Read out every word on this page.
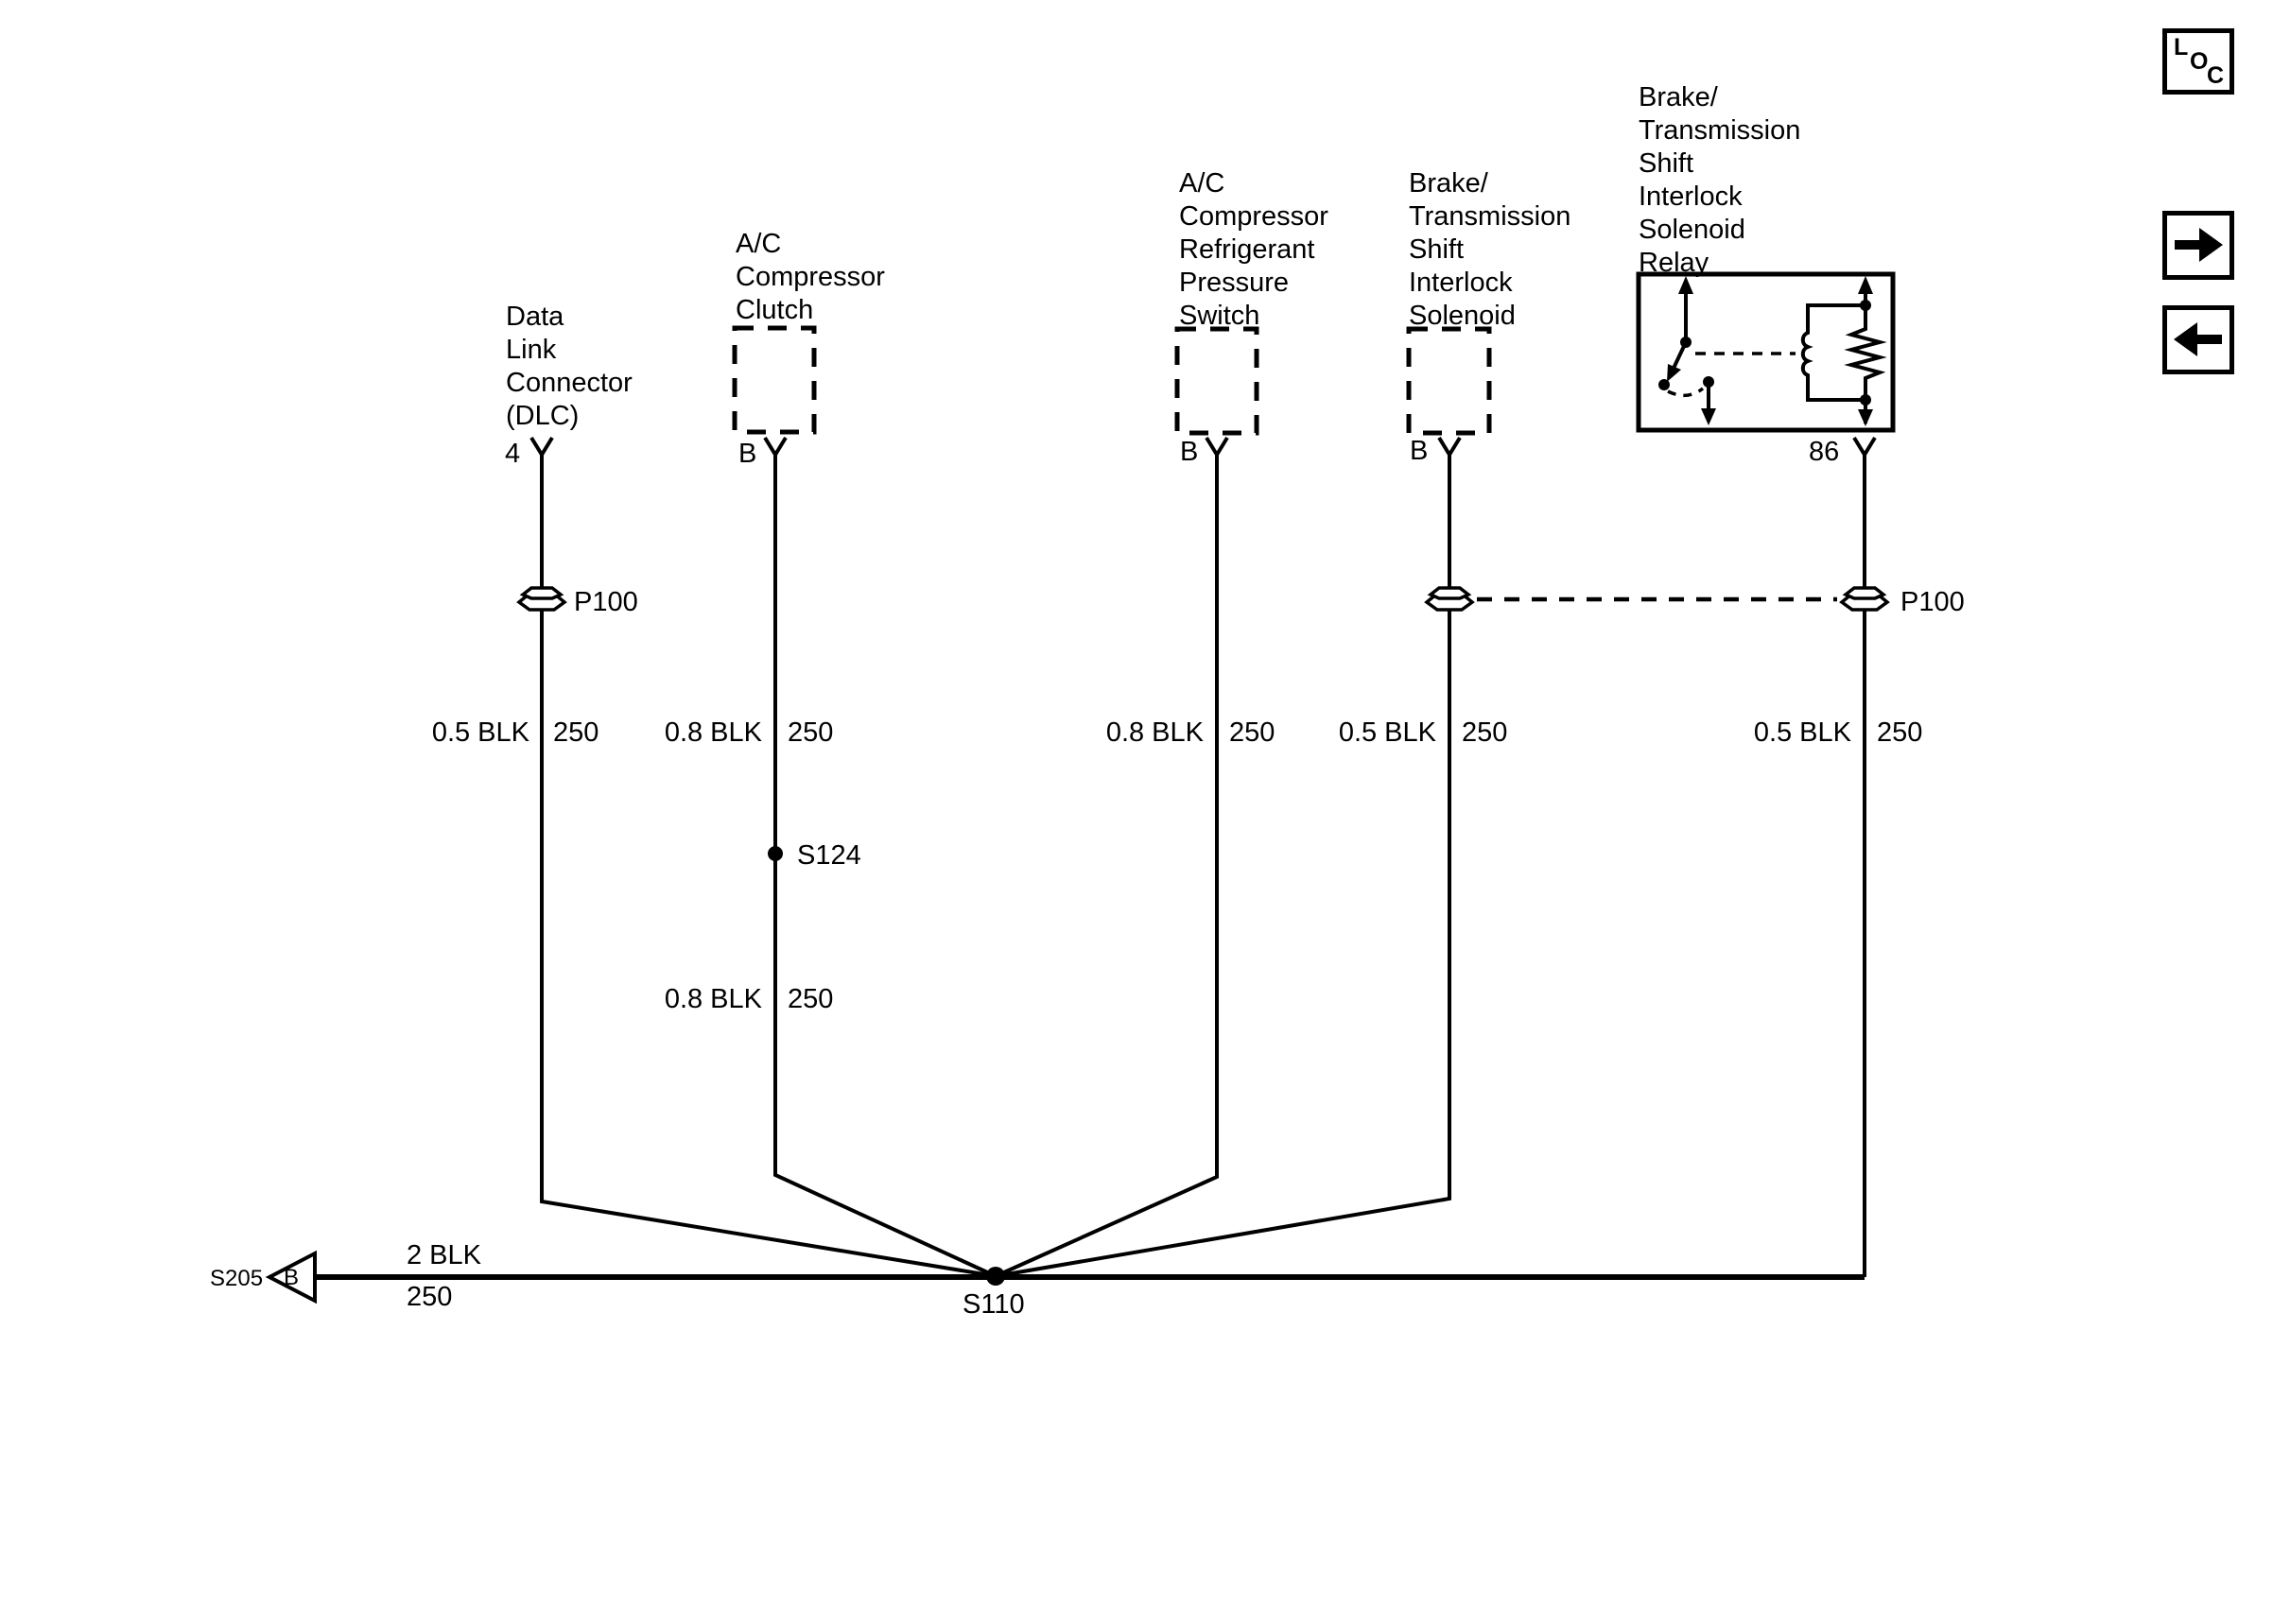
L
O
C
Data
Link
Connector
(DLC)
4
A/C
Compressor
Clutch
B
A/C
Compressor
Refrigerant
Pressure
Switch
B
Brake/
Transmission
Shift
Interlock
Solenoid
B
Brake/
Transmission
Shift
Interlock
Solenoid
Relay
86
P100	P100
0.5 BLK 250 0.8 BLK 250	0.8 BLK 250 0.5 BLK 250	0.5 BLK 250
0.8 BLK 250
S124
S110
S205 B
2 BLK
250
